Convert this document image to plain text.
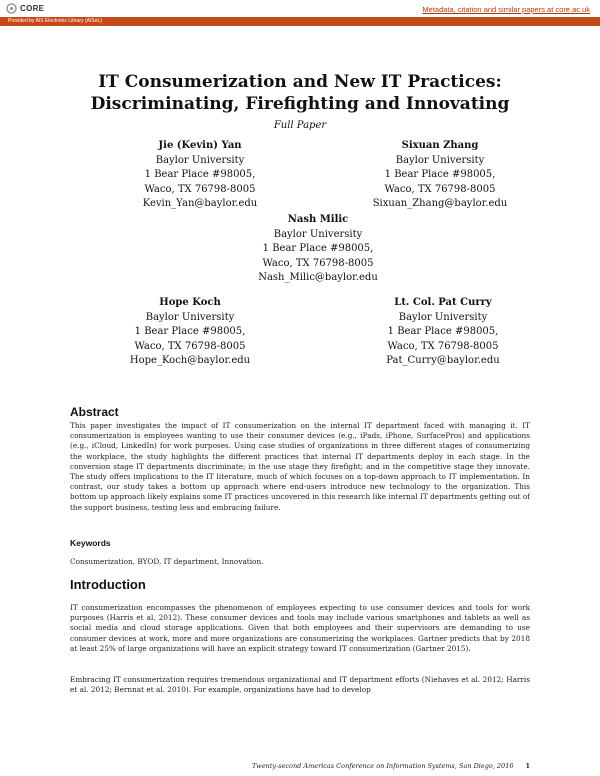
CORE	Metadata, citation and similar papers at core.ac.uk
Provided by AIS Electronic Library (AISeL)
IT Consumerization and New IT Practices:
Discriminating, Firefighting and Innovating
Full Paper
Jie (Kevin) Yan
Baylor University
1 Bear Place #98005,
Waco, TX 76798-8005
Kevin_Yan@baylor.edu
Sixuan Zhang
Baylor University
1 Bear Place #98005,
Waco, TX 76798-8005
Sixuan_Zhang@baylor.edu
Nash Milic
Baylor University
1 Bear Place #98005,
Waco, TX 76798-8005
Nash_Milic@baylor.edu
Hope Koch
Baylor University
1 Bear Place #98005,
Waco, TX 76798-8005
Hope_Koch@baylor.edu
Lt. Col. Pat Curry
Baylor University
1 Bear Place #98005,
Waco, TX 76798-8005
Pat_Curry@baylor.edu
Abstract
This paper investigates the impact of IT consumerization on the internal IT department faced with managing it. IT consumerization is employees wanting to use their consumer devices (e.g., iPads, iPhone, SurfacePros) and applications (e.g., iCloud, LinkedIn) for work purposes. Using case studies of organizations in three different stages of consumerizing the workplace, the study highlights the different practices that internal IT departments deploy in each stage. In the conversion stage IT departments discriminate; in the use stage they firefight; and in the competitive stage they innovate. The study offers implications to the IT literature, much of which focuses on a top-down approach to IT implementation. In contrast, our study takes a bottom up approach where end-users introduce new technology to the organization. This bottom up approach likely explains some IT practices uncovered in this research like internal IT departments getting out of the support business, testing less and embracing failure.
Keywords
Consumerization, BYOD, IT department, Innovation.
Introduction
IT consumerization encompasses the phenomenon of employees expecting to use consumer devices and tools for work purposes (Harris et al. 2012). These consumer devices and tools may include various smartphones and tablets as well as social media and cloud storage applications. Given that both employees and their supervisors are demanding to use consumer devices at work, more and more organizations are consumerizing the workplaces. Gartner predicts that by 2018 at least 25% of large organizations will have an explicit strategy toward IT consumerization (Gartner 2015).
Embracing IT consumerization requires tremendous organizational and IT department efforts (Niehaves et al. 2012; Harris et al. 2012; Bernnat et al. 2010). For example, organizations have had to develop
Twenty-second Americas Conference on Information Systems, San Diego, 2016 1
